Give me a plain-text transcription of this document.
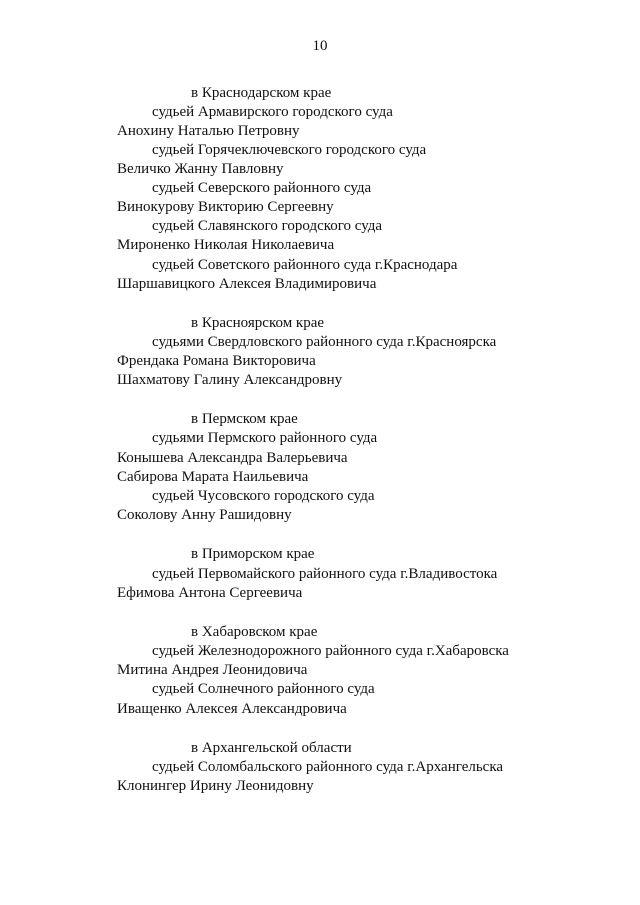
10
в Краснодарском крае
судьей Армавирского городского суда
Анохину Наталью Петровну
судьей Горячеключевского городского суда
Величко Жанну Павловну
судьей Северского районного суда
Винокурову Викторию Сергеевну
судьей Славянского городского суда
Мироненко Николая Николаевича
судьей Советского районного суда г.Краснодара
Шаршавицкого Алексея Владимировича
в Красноярском крае
судьями Свердловского районного суда г.Красноярска
Френдака Романа Викторовича
Шахматову Галину Александровну
в Пермском крае
судьями Пермского районного суда
Конышева Александра Валерьевича
Сабирова Марата Наильевича
судьей Чусовского городского суда
Соколову Анну Рашидовну
в Приморском крае
судьей Первомайского районного суда г.Владивостока
Ефимова Антона Сергеевича
в Хабаровском крае
судьей Железнодорожного районного суда г.Хабаровска
Митина Андрея Леонидовича
судьей Солнечного районного суда
Иващенко Алексея Александровича
в Архангельской области
судьей Соломбальского районного суда г.Архангельска
Клонингер Ирину Леонидовну
